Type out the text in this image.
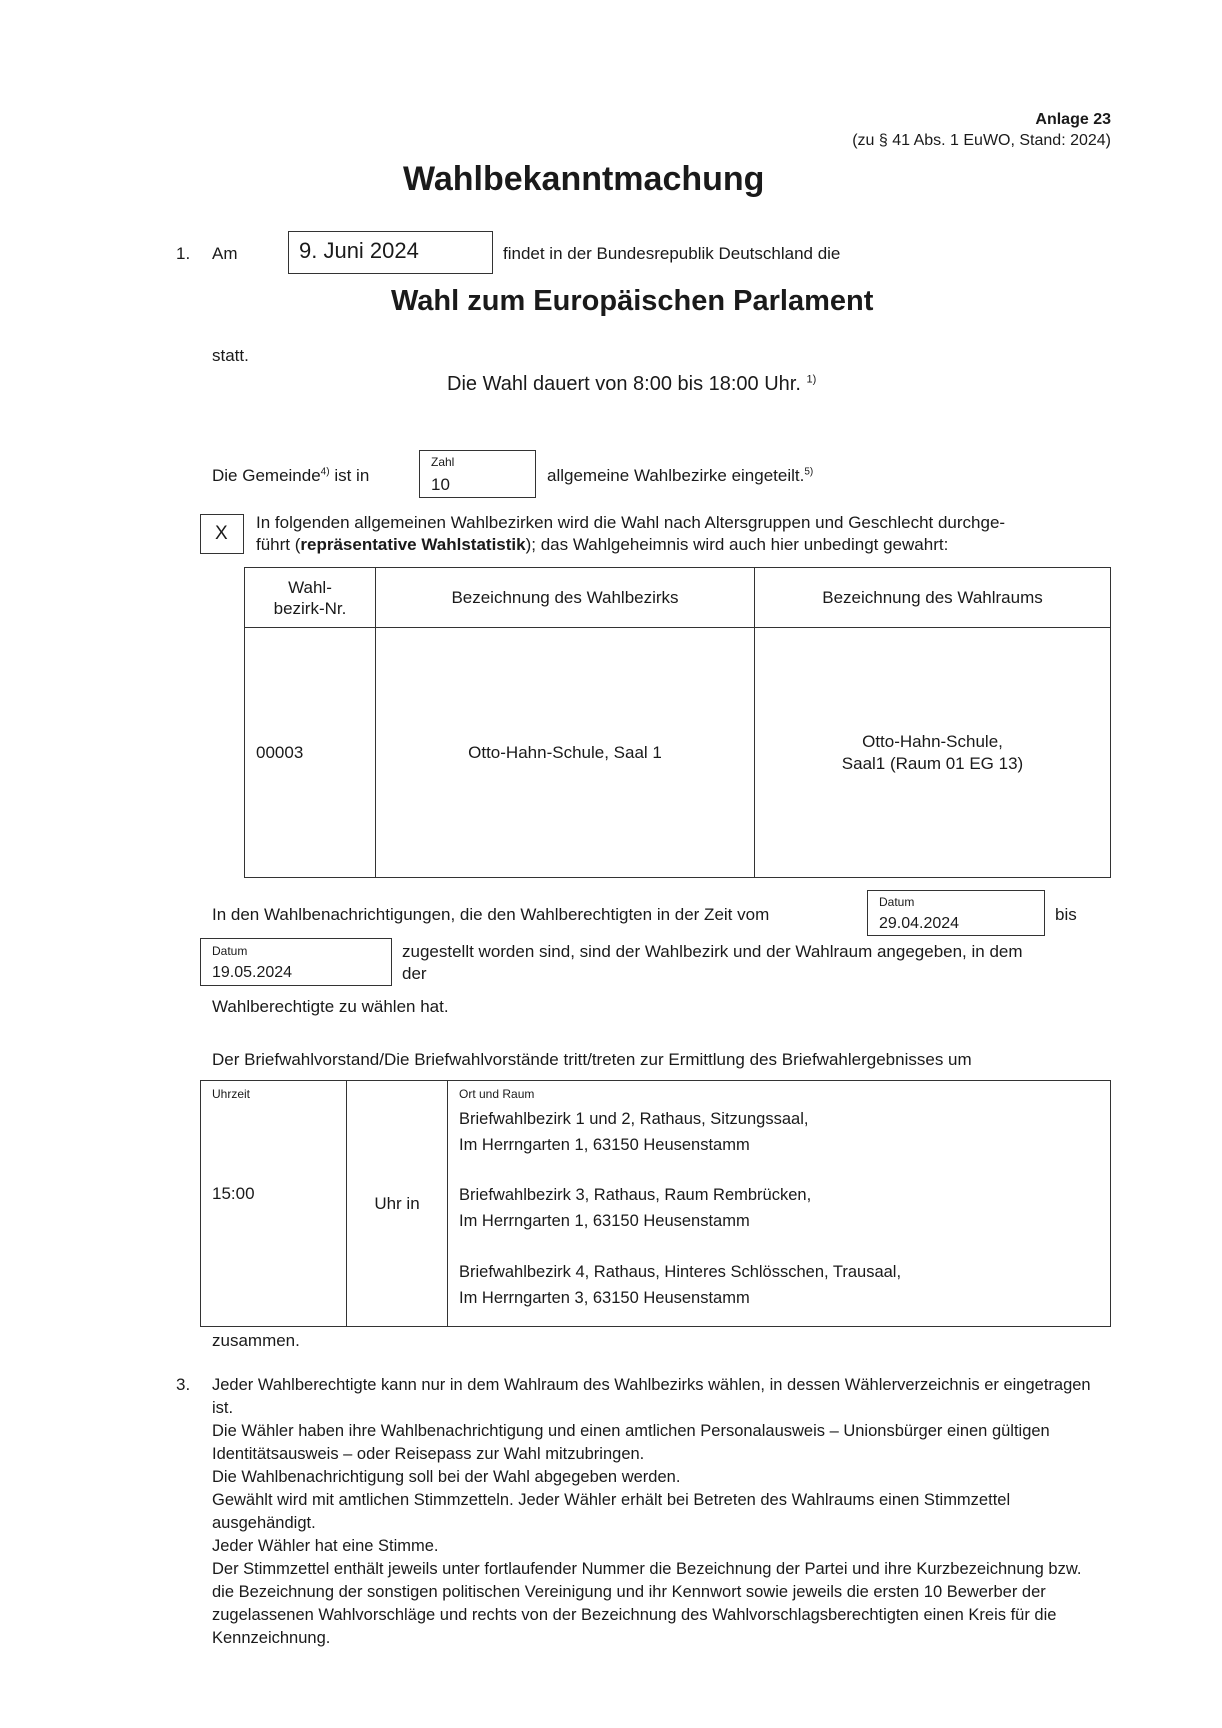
Anlage 23
(zu § 41 Abs. 1 EuWO, Stand: 2024)
Wahlbekanntmachung
1. Am	9. Juni 2024	findet in der Bundesrepublik Deutschland die
Wahl zum Europäischen Parlament
statt.
Die Wahl dauert von 8:00 bis 18:00 Uhr. $^{1)}$
Die Gemeinde$^{4)}$ ist in
Zahl
10	allgemeine Wahlbezirke eingeteilt.$^{5)}$
X
In folgenden allgemeinen Wahlbezirken wird die Wahl nach Altersgruppen und Geschlecht durchge-
führt (repräsentative Wahlstatistik); das Wahlgeheimnis wird auch hier unbedingt gewahrt:
Wahl-
bezirk-Nr.	Bezeichnung des Wahlbezirks	Bezeichnung des Wahlraums
00003	Otto-Hahn-Schule, Saal 1	Otto-Hahn-Schule,
Saal1 (Raum 01 EG 13)
In den Wahlbenachrichtigungen, die den Wahlberechtigten in der Zeit vom
Datum
29.04.2024	bis
Datum
19.05.2024
zugestellt worden sind, sind der Wahlbezirk und der Wahlraum angegeben, in dem
der
Wahlberechtigte zu wählen hat.
Der Briefwahlvorstand/Die Briefwahlvorstände tritt/treten zur Ermittlung des Briefwahlergebnisses um
Uhrzeit
15:00	Uhr in	
Ort und Raum
Briefwahlbezirk 1 und 2, Rathaus, Sitzungssaal,
Im Herrngarten 1, 63150 Heusenstamm
Briefwahlbezirk 3, Rathaus, Raum Rembrücken,
Im Herrngarten 1, 63150 Heusenstamm
Briefwahlbezirk 4, Rathaus, Hinteres Schlösschen, Trausaal,
Im Herrngarten 3, 63150 Heusenstamm
zusammen.
3. Jeder Wahlberechtigte kann nur in dem Wahlraum des Wahlbezirks wählen, in dessen Wählerverzeichnis er eingetragen ist.
Die Wähler haben ihre Wahlbenachrichtigung und einen amtlichen Personalausweis – Unionsbürger einen gültigen Identitätsausweis – oder Reisepass zur Wahl mitzubringen.
Die Wahlbenachrichtigung soll bei der Wahl abgegeben werden.
Gewählt wird mit amtlichen Stimmzetteln. Jeder Wähler erhält bei Betreten des Wahlraums einen Stimmzettel ausgehändigt.
Jeder Wähler hat eine Stimme.
Der Stimmzettel enthält jeweils unter fortlaufender Nummer die Bezeichnung der Partei und ihre Kurzbezeichnung bzw. die Bezeichnung der sonstigen politischen Vereinigung und ihr Kennwort sowie jeweils die ersten 10 Bewerber der zugelassenen Wahlvorschläge und rechts von der Bezeichnung des Wahlvorschlagsberechtigten einen Kreis für die Kennzeichnung.
